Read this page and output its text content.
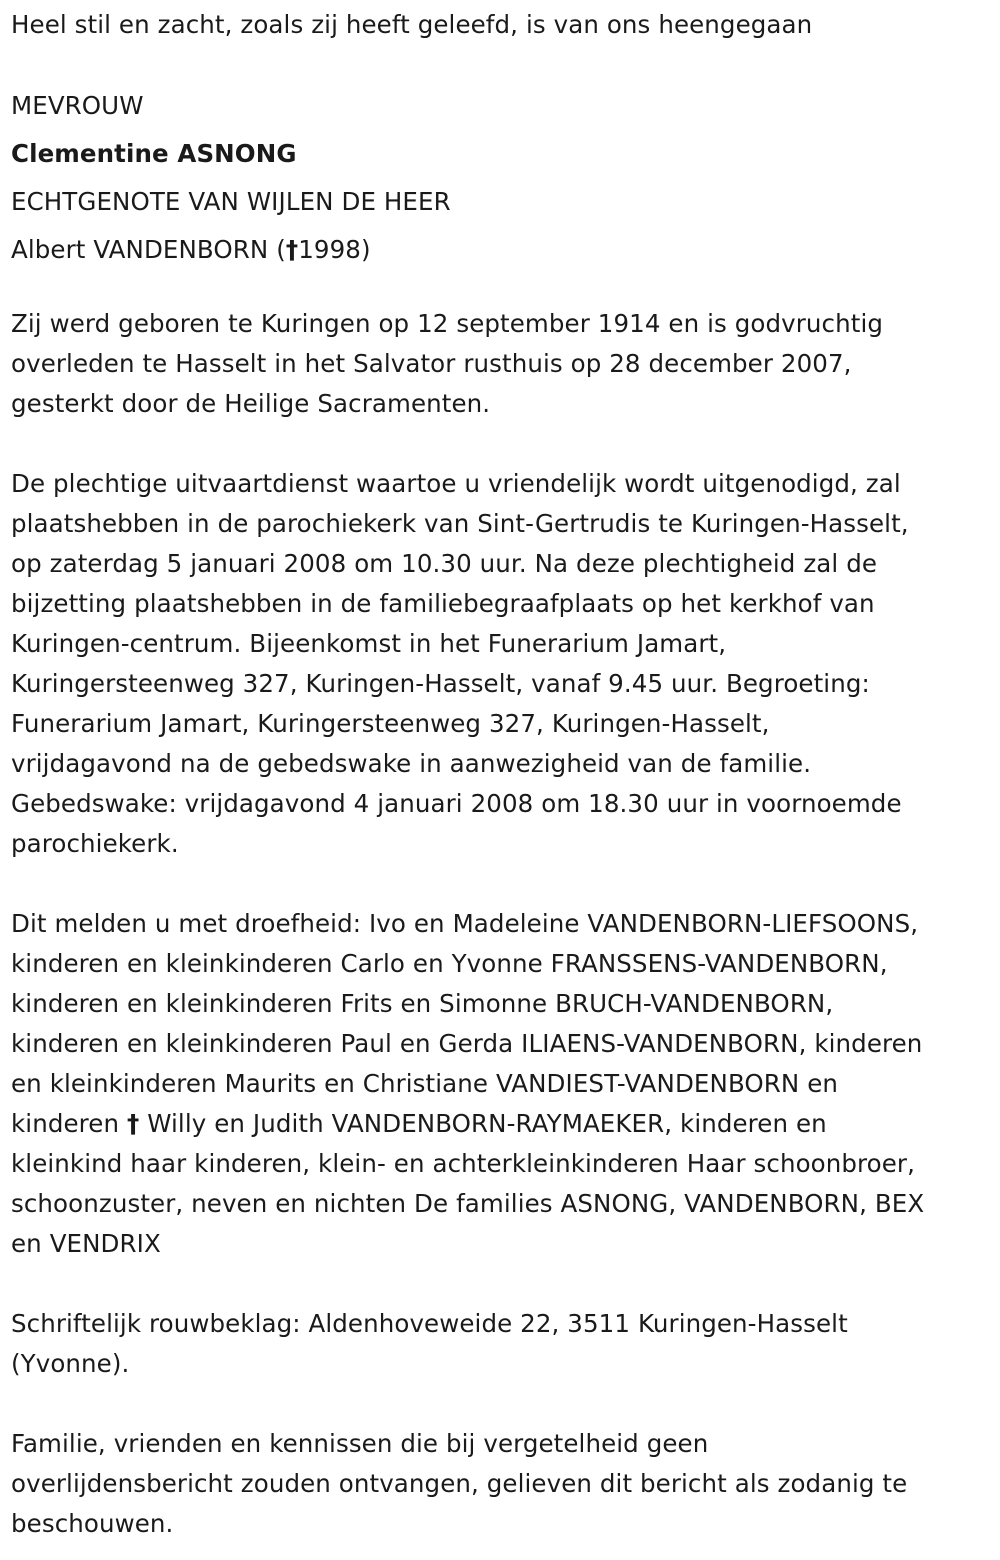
Heel stil en zacht, zoals zij heeft geleefd, is van ons heengegaan
MEVROUW
Clementine ASNONG
ECHTGENOTE VAN WIJLEN DE HEER
Albert VANDENBORN (†1998)
Zij werd geboren te Kuringen op 12 september 1914 en is godvruchtig
overleden te Hasselt in het Salvator rusthuis op 28 december 2007,
gesterkt door de Heilige Sacramenten.
De plechtige uitvaartdienst waartoe u vriendelijk wordt uitgenodigd, zal
plaatshebben in de parochiekerk van Sint-Gertrudis te Kuringen-Hasselt,
op zaterdag 5 januari 2008 om 10.30 uur. Na deze plechtigheid zal de
bijzetting plaatshebben in de familiebegraafplaats op het kerkhof van
Kuringen-centrum. Bijeenkomst in het Funerarium Jamart,
Kuringersteenweg 327, Kuringen-Hasselt, vanaf 9.45 uur. Begroeting:
Funerarium Jamart, Kuringersteenweg 327, Kuringen-Hasselt,
vrijdagavond na de gebedswake in aanwezigheid van de familie.
Gebedswake: vrijdagavond 4 januari 2008 om 18.30 uur in voornoemde
parochiekerk.
Dit melden u met droefheid: Ivo en Madeleine VANDENBORN-LIEFSOONS,
kinderen en kleinkinderen Carlo en Yvonne FRANSSENS-VANDENBORN,
kinderen en kleinkinderen Frits en Simonne BRUCH-VANDENBORN,
kinderen en kleinkinderen Paul en Gerda ILIAENS-VANDENBORN, kinderen
en kleinkinderen Maurits en Christiane VANDIEST-VANDENBORN en
kinderen † Willy en Judith VANDENBORN-RAYMAEKER, kinderen en
kleinkind haar kinderen, klein- en achterkleinkinderen Haar schoonbroer,
schoonzuster, neven en nichten De families ASNONG, VANDENBORN, BEX
en VENDRIX
Schriftelijk rouwbeklag: Aldenhoveweide 22, 3511 Kuringen-Hasselt
(Yvonne).
Familie, vrienden en kennissen die bij vergetelheid geen
overlijdensbericht zouden ontvangen, gelieven dit bericht als zodanig te
beschouwen.
